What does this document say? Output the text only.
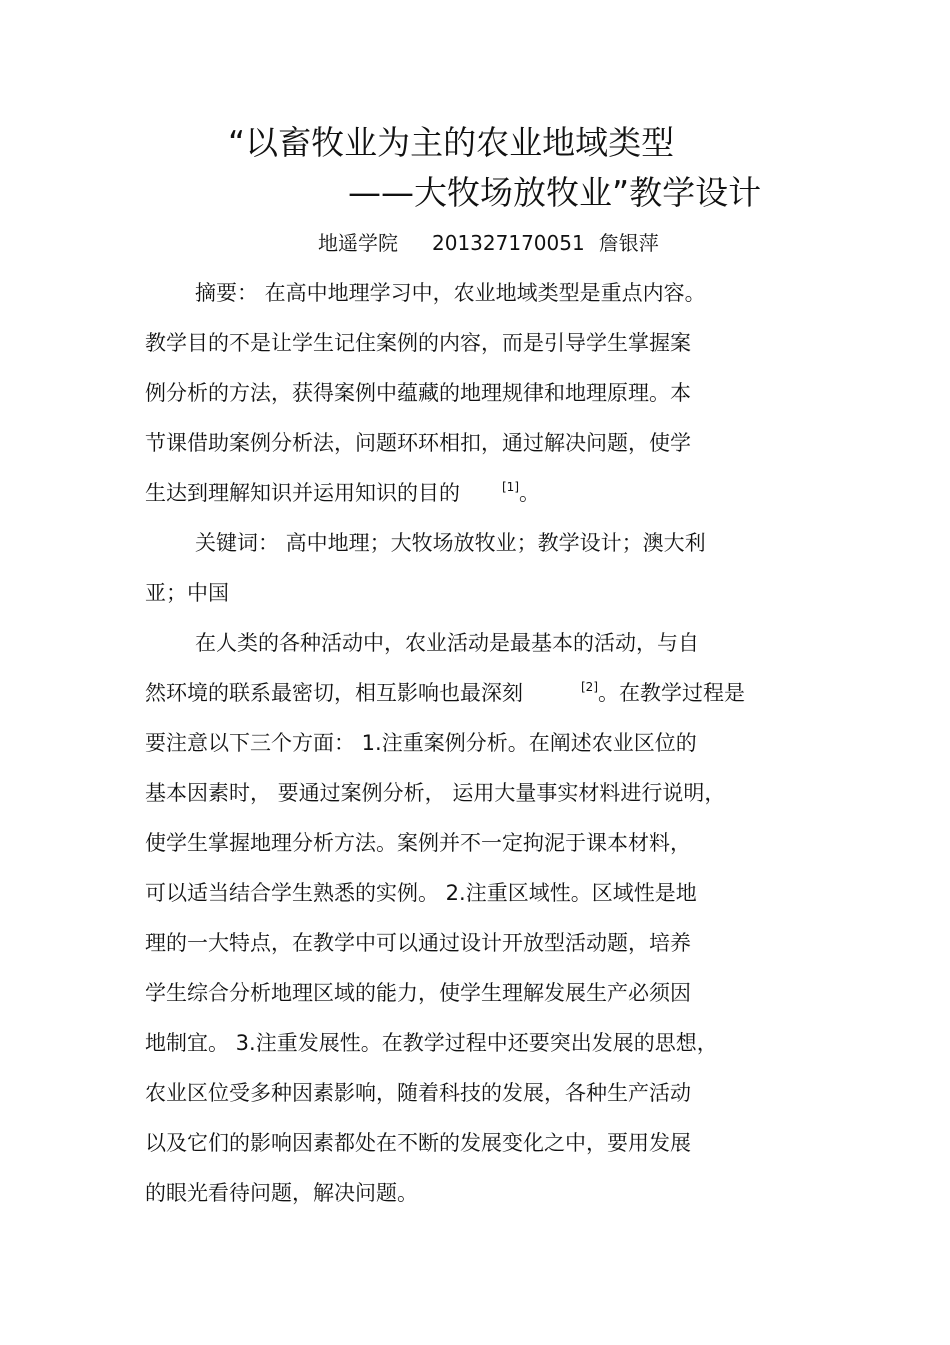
“以畜牧业为主的农业地域类型
——大牧场放牧业”教学设计
地遥学院 201327170051 詹银萍
摘要： 在高中地理学习中，农业地域类型是重点内容。
教学目的不是让学生记住案例的内容，而是引导学生掌握案
例分析的方法，获得案例中蕴藏的地理规律和地理原理。本
节课借助案例分析法，问题环环相扣，通过解决问题，使学
生达到理解知识并运用知识的目的	[1]。
关键词： 高中地理；大牧场放牧业；教学设计；澳大利
亚；中国
在人类的各种活动中，农业活动是最基本的活动，与自
然环境的联系最密切，相互影响也最深刻	[2]。在教学过程是
要注意以下三个方面： 1.注重案例分析。在阐述农业区位的
基本因素时， 要通过案例分析， 运用大量事实材料进行说明，
使学生掌握地理分析方法。案例并不一定拘泥于课本材料，
可以适当结合学生熟悉的实例。 2.注重区域性。区域性是地
理的一大特点，在教学中可以通过设计开放型活动题，培养
学生综合分析地理区域的能力，使学生理解发展生产必须因
地制宜。 3.注重发展性。在教学过程中还要突出发展的思想，
农业区位受多种因素影响，随着科技的发展，各种生产活动
以及它们的影响因素都处在不断的发展变化之中，要用发展
的眼光看待问题，解决问题。
